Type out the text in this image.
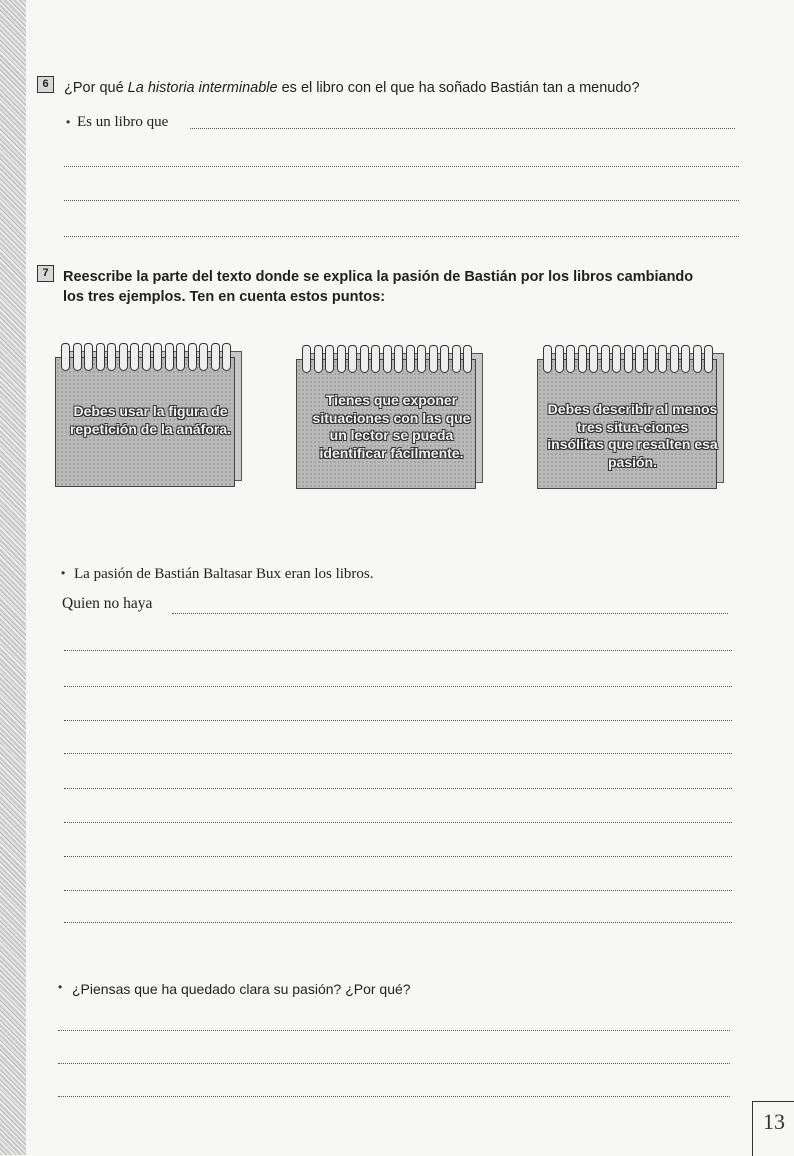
6	¿Por qué La historia interminable es el libro con el que ha soñado Bastián tan a menudo?
• Es un libro que
7 Reescribe la parte del texto donde se explica la pasión de Bastián por los libros cambiando
los tres ejemplos. Ten en cuenta estos puntos:
Debes usar la figura de repetición de la anáfora.
Tienes que exponer situaciones con las que un lector se pueda identificar fácilmente.
Debes describir al menos tres situa-ciones insólitas que resalten esa pasión.
• La pasión de Bastián Baltasar Bux eran los libros.
Quien no haya
• ¿Piensas que ha quedado clara su pasión? ¿Por qué?
13
